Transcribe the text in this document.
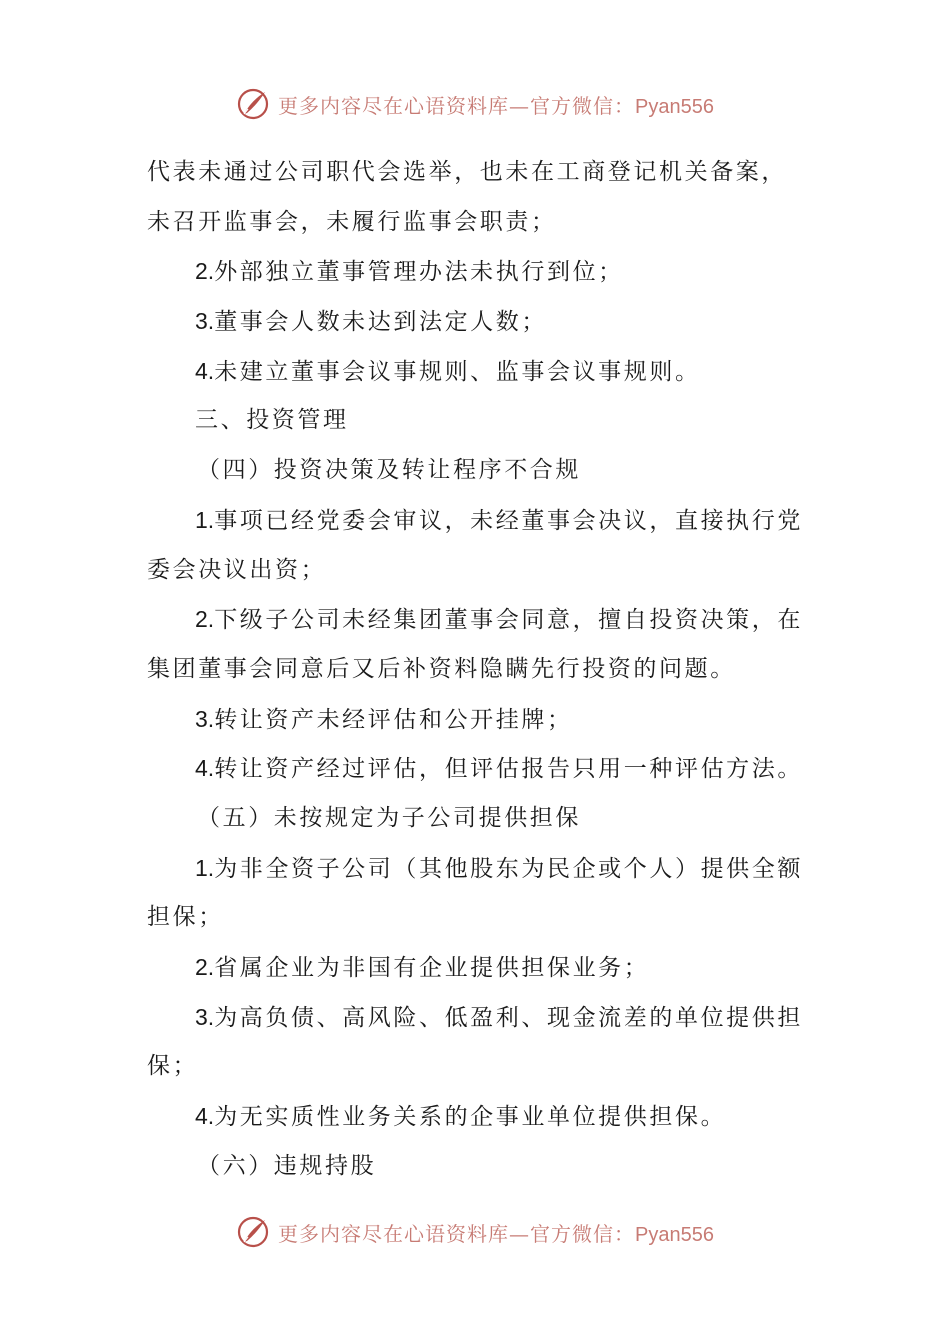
更多内容尽在心语资料库—官方微信：Pyan556
代表未通过公司职代会选举，也未在工商登记机关备案，
未召开监事会，未履行监事会职责；
2.外部独立董事管理办法未执行到位；
3.董事会人数未达到法定人数；
4.未建立董事会议事规则、监事会议事规则。
三、投资管理
（四）投资决策及转让程序不合规
1.事项已经党委会审议，未经董事会决议，直接执行党
委会决议出资；
2.下级子公司未经集团董事会同意，擅自投资决策，在
集团董事会同意后又后补资料隐瞒先行投资的问题。
3.转让资产未经评估和公开挂牌；
4.转让资产经过评估，但评估报告只用一种评估方法。
（五）未按规定为子公司提供担保
1.为非全资子公司（其他股东为民企或个人）提供全额
担保；
2.省属企业为非国有企业提供担保业务；
3.为高负债、高风险、低盈利、现金流差的单位提供担
保；
4.为无实质性业务关系的企事业单位提供担保。
（六）违规持股
更多内容尽在心语资料库—官方微信：Pyan556
